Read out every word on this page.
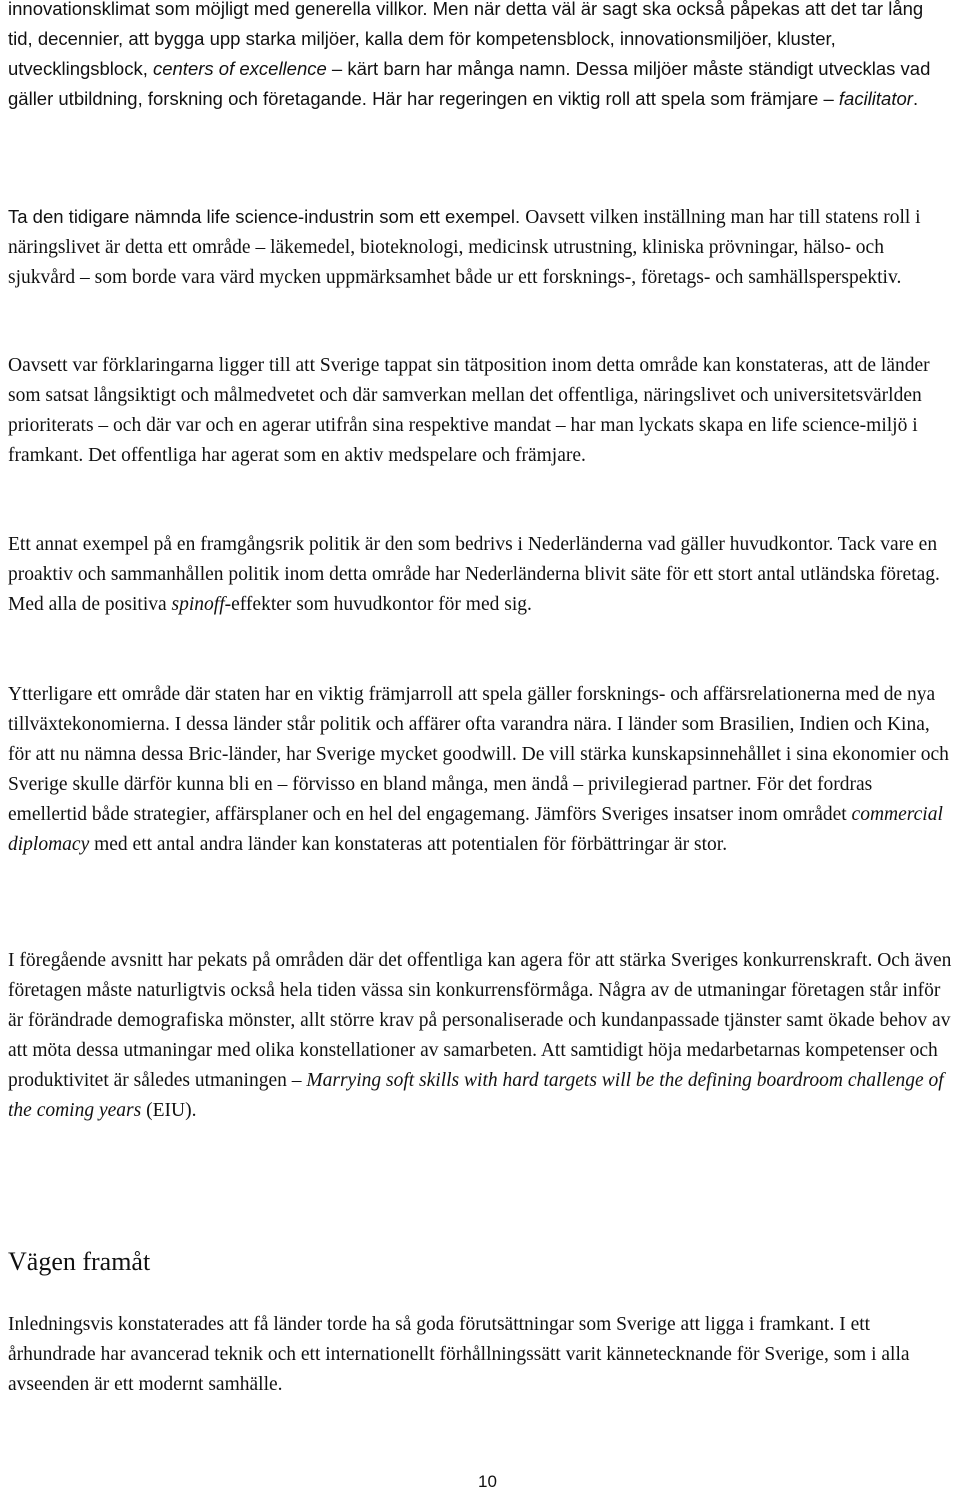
innovationsklimat som möjligt med generella villkor. Men när detta väl är sagt ska också påpekas att det tar lång tid, decennier, att bygga upp starka miljöer, kalla dem för kompetensblock, innovationsmiljöer, kluster, utvecklingsblock, centers of excellence – kärt barn har många namn. Dessa miljöer måste ständigt utvecklas vad gäller utbildning, forskning och företagande. Här har regeringen en viktig roll att spela som främjare – facilitator.

Ta den tidigare nämnda life science-industrin som ett exempel. Oavsett vilken inställning man har till statens roll i näringslivet är detta ett område – läkemedel, bioteknologi, medicinsk utrustning, kliniska prövningar, hälso- och sjukvård – som borde vara värd mycken uppmärksamhet både ur ett forsknings-, företags- och samhällsperspektiv.

Oavsett var förklaringarna ligger till att Sverige tappat sin tätposition inom detta område kan konstateras, att de länder som satsat långsiktigt och målmedvetet och där samverkan mellan det offentliga, näringslivet och universitetsvärlden prioriterats – och där var och en agerar utifrån sina respektive mandat – har man lyckats skapa en life science-miljö i framkant. Det offentliga har agerat som en aktiv medspelare och främjare.

Ett annat exempel på en framgångsrik politik är den som bedrivs i Nederländerna vad gäller huvudkontor. Tack vare en proaktiv och sammanhållen politik inom detta område har Nederländerna blivit säte för ett stort antal utländska företag. Med alla de positiva spinoff-effekter som huvudkontor för med sig.

Ytterligare ett område där staten har en viktig främjarroll att spela gäller forsknings- och affärsrelationerna med de nya tillväxtekonomierna. I dessa länder står politik och affärer ofta varandra nära. I länder som Brasilien, Indien och Kina, för att nu nämna dessa Bric-länder, har Sverige mycket goodwill. De vill stärka kunskapsinnehållet i sina ekonomier och Sverige skulle därför kunna bli en – förvisso en bland många, men ändå – privilegierad partner. För det fordras emellertid både strategier, affärsplaner och en hel del engagemang. Jämförs Sveriges insatser inom området commercial diplomacy med ett antal andra länder kan konstateras att potentialen för förbättringar är stor.

I föregående avsnitt har pekats på områden där det offentliga kan agera för att stärka Sveriges konkurrenskraft. Och även företagen måste naturligtvis också hela tiden vässa sin konkurrensförmåga. Några av de utmaningar företagen står inför är förändrade demografiska mönster, allt större krav på personaliserade och kundanpassade tjänster samt ökade behov av att möta dessa utmaningar med olika konstellationer av samarbeten. Att samtidigt höja medarbetarnas kompetenser och produktivitet är således utmaningen – Marrying soft skills with hard targets will be the defining boardroom challenge of the coming years (EIU).

Vägen framåt

Inledningsvis konstaterades att få länder torde ha så goda förutsättningar som Sverige att ligga i framkant. I ett århundrade har avancerad teknik och ett internationellt förhållningssätt varit kännetecknande för Sverige, som i alla avseenden är ett modernt samhälle.

10
